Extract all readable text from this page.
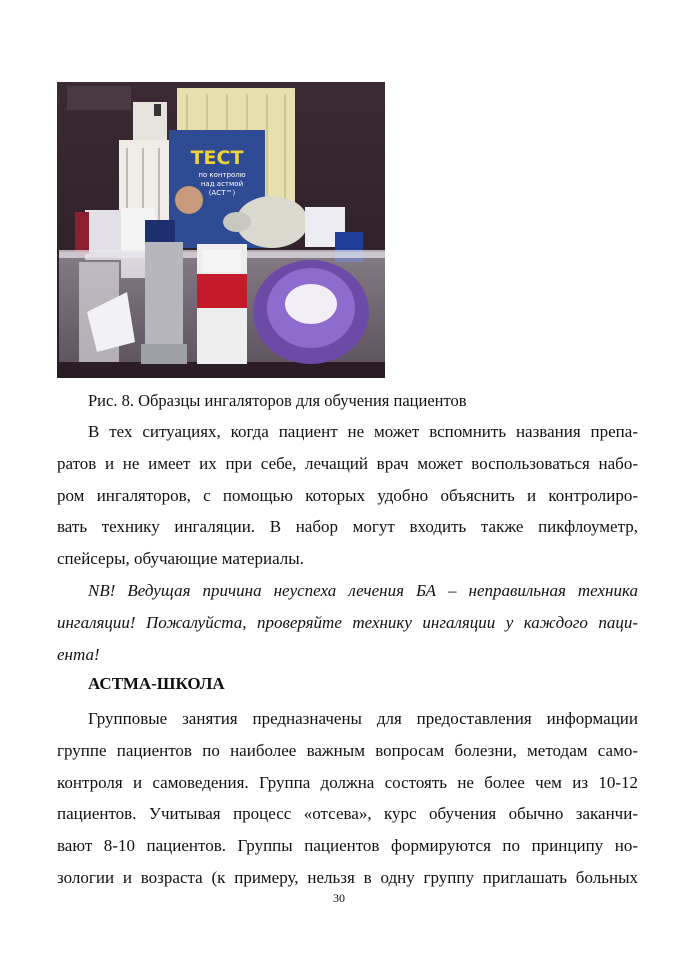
ТЕСТ
по контролю
над астмой
(АСТ™)
Рис. 8. Образцы ингаляторов для обучения пациентов

В тех ситуациях, когда пациент не может вспомнить названия препа-
ратов и не имеет их при себе, лечащий врач может воспользоваться набо-
ром ингаляторов, с помощью которых удобно объяснить и контролиро-
вать технику ингаляции. В набор могут входить также пикфлоуметр,
спейсеры, обучающие материалы.

NB! Ведущая причина неуспеха лечения БА – неправильная техника
ингаляции! Пожалуйста, проверяйте технику ингаляции у каждого паци-
ента!

АСТМА-ШКОЛА

Групповые занятия предназначены для предоставления информации
группе пациентов по наиболее важным вопросам болезни, методам само-
контроля и самоведения. Группа должна состоять не более чем из 10-12
пациентов. Учитывая процесс «отсева», курс обучения обычно заканчи-
вают 8-10 пациентов. Группы пациентов формируются по принципу но-
зологии и возраста (к примеру, нельзя в одну группу приглашать больных

30
